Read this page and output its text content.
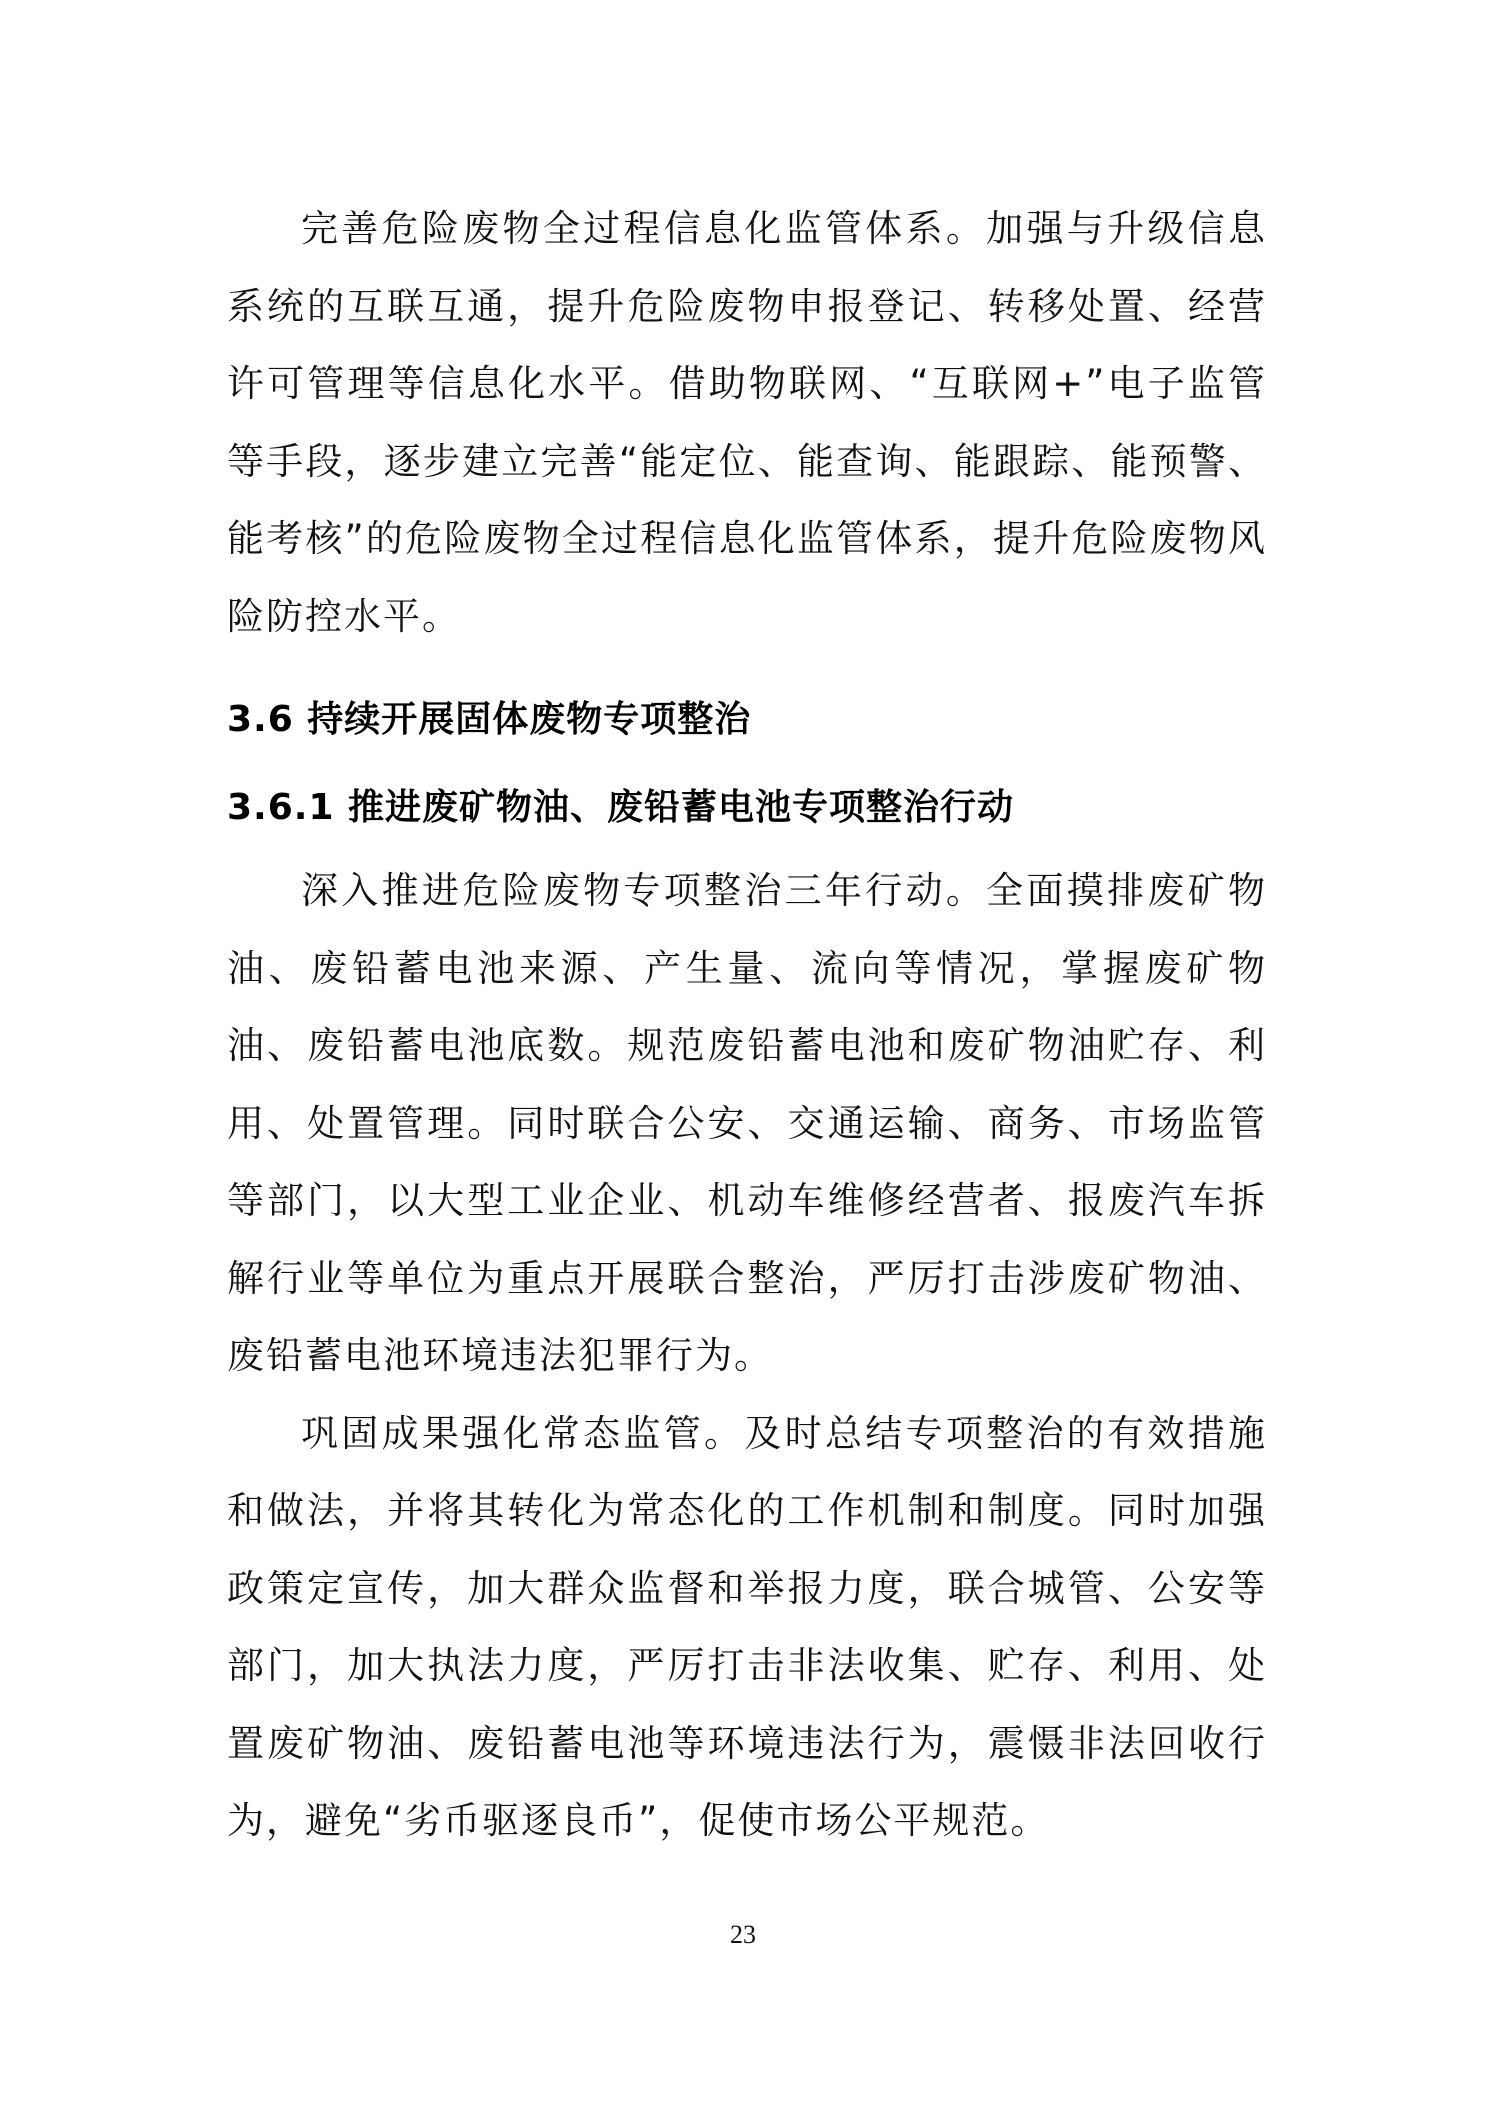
完善危险废物全过程信息化监管体系。加强与升级信息系统的互联互通，提升危险废物申报登记、转移处置、经营许可管理等信息化水平。借助物联网、“互联网+”电子监管等手段，逐步建立完善“能定位、能查询、能跟踪、能预警、能考核”的危险废物全过程信息化监管体系，提升危险废物风险防控水平。

3.6 持续开展固体废物专项整治
3.6.1 推进废矿物油、废铅蓄电池专项整治行动

深入推进危险废物专项整治三年行动。全面摸排废矿物油、废铅蓄电池来源、产生量、流向等情况，掌握废矿物油、废铅蓄电池底数。规范废铅蓄电池和废矿物油贮存、利用、处置管理。同时联合公安、交通运输、商务、市场监管等部门，以大型工业企业、机动车维修经营者、报废汽车拆解行业等单位为重点开展联合整治，严厉打击涉废矿物油、废铅蓄电池环境违法犯罪行为。

巩固成果强化常态监管。及时总结专项整治的有效措施和做法，并将其转化为常态化的工作机制和制度。同时加强政策定宣传，加大群众监督和举报力度，联合城管、公安等部门，加大执法力度，严厉打击非法收集、贮存、利用、处置废矿物油、废铅蓄电池等环境违法行为，震慑非法回收行为，避免“劣币驱逐良币”，促使市场公平规范。

23
